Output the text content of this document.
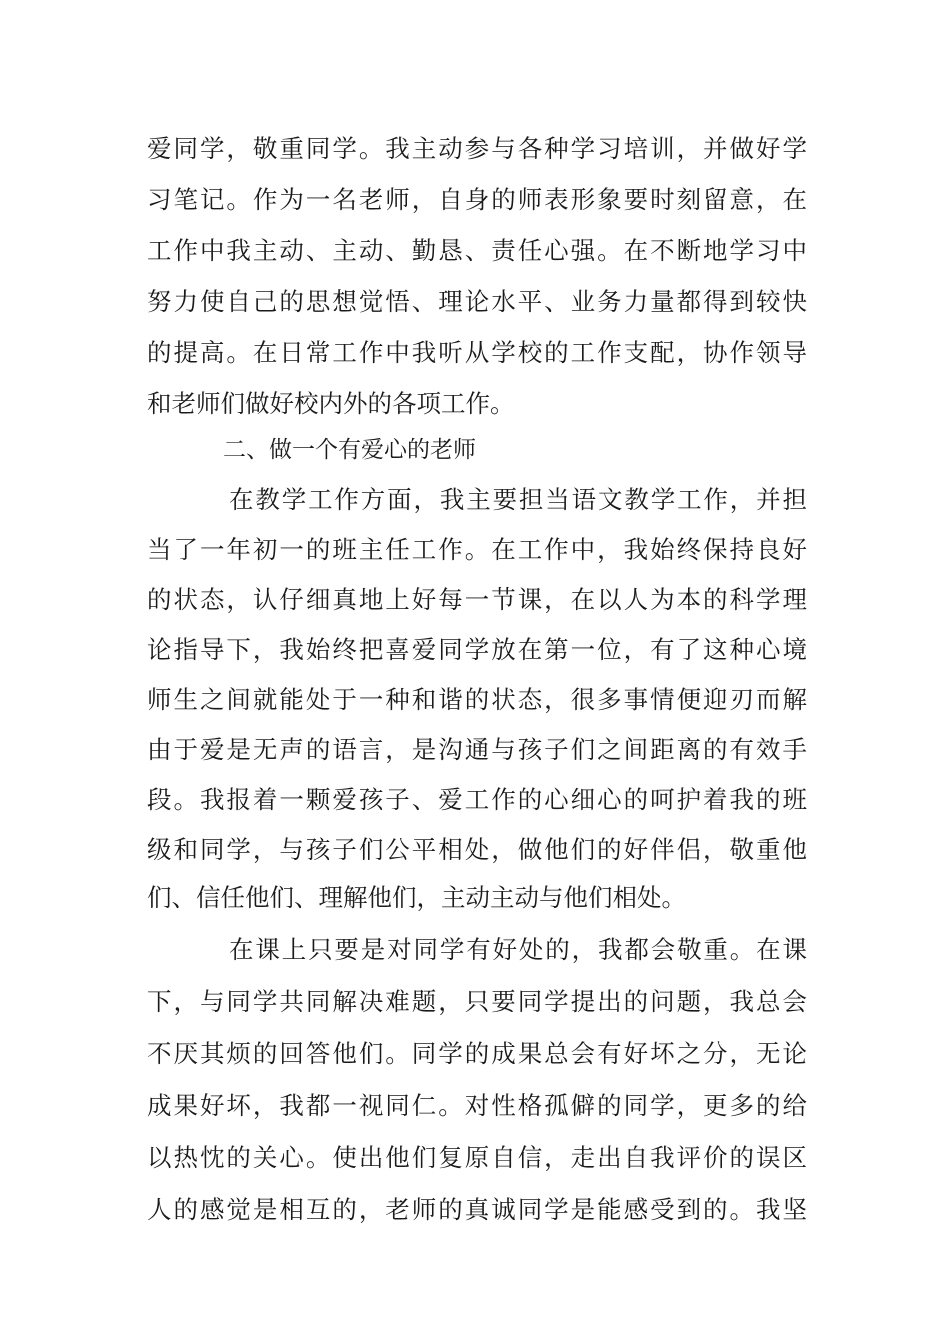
爱同学，敬重同学。我主动参与各种学习培训，并做好学
习笔记。作为一名老师，自身的师表形象要时刻留意，在
工作中我主动、主动、勤恳、责任心强。在不断地学习中
努力使自己的思想觉悟、理论水平、业务力量都得到较快
的提高。在日常工作中我听从学校的工作支配，协作领导
和老师们做好校内外的各项工作。
二、做一个有爱心的老师
在教学工作方面，我主要担当语文教学工作，并担
当了一年初一的班主任工作。在工作中，我始终保持良好
的状态，认仔细真地上好每一节课，在以人为本的科学理
论指导下，我始终把喜爱同学放在第一位，有了这种心境
师生之间就能处于一种和谐的状态，很多事情便迎刃而解
由于爱是无声的语言，是沟通与孩子们之间距离的有效手
段。我报着一颗爱孩子、爱工作的心细心的呵护着我的班
级和同学，与孩子们公平相处，做他们的好伴侣，敬重他
们、信任他们、理解他们，主动主动与他们相处。
在课上只要是对同学有好处的，我都会敬重。在课
下，与同学共同解决难题，只要同学提出的问题，我总会
不厌其烦的回答他们。同学的成果总会有好坏之分，无论
成果好坏，我都一视同仁。对性格孤僻的同学，更多的给
以热忱的关心。使出他们复原自信，走出自我评价的误区
人的感觉是相互的，老师的真诚同学是能感受到的。我坚
